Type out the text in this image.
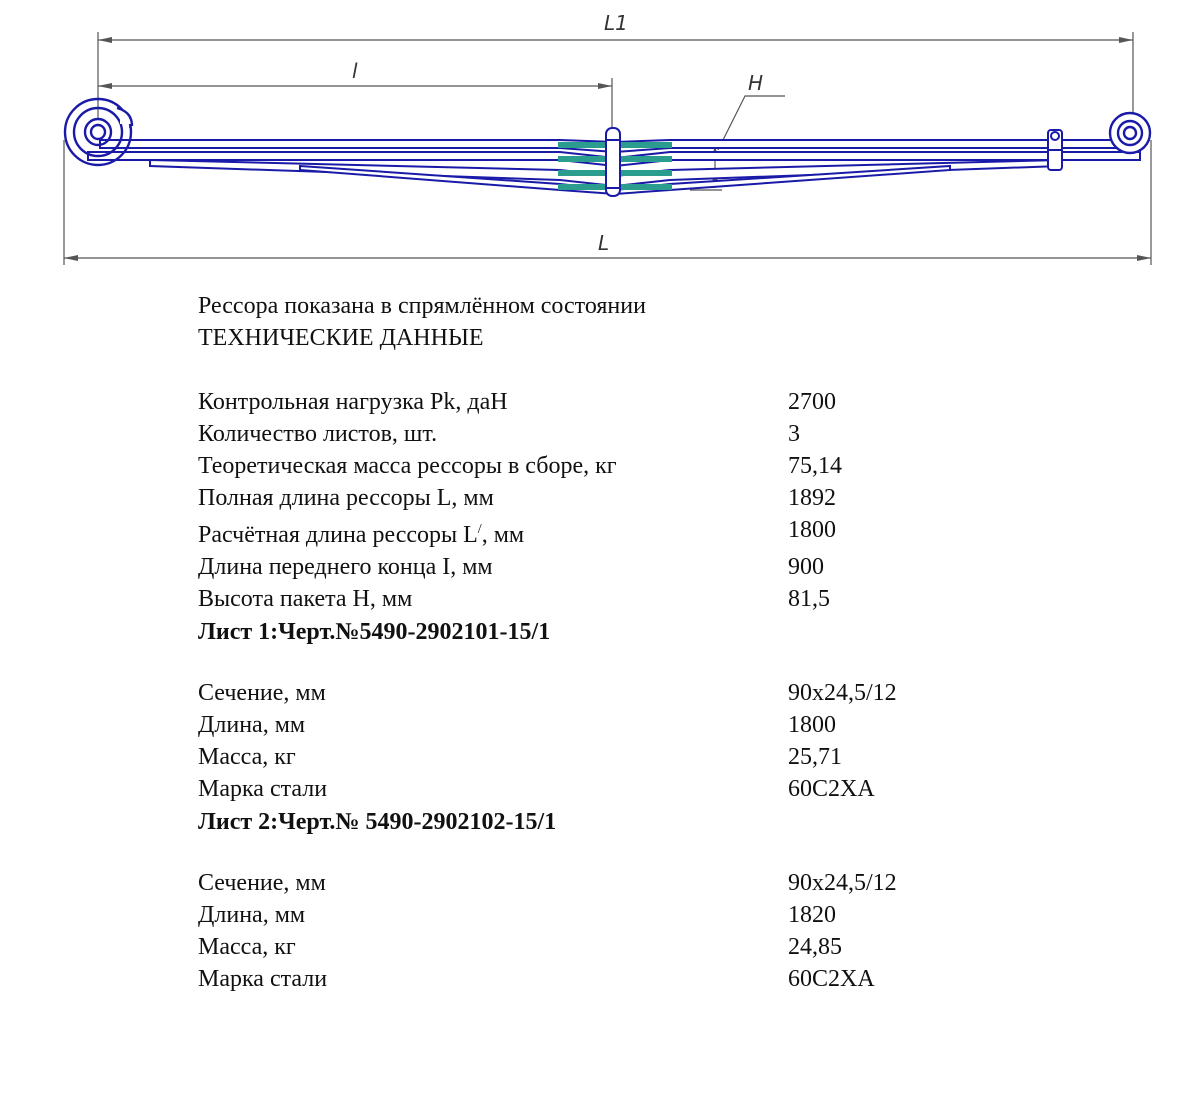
L1
l	H
L

Рессора показана в спрямлённом состоянии

ТЕХНИЧЕСКИЕ ДАННЫЕ

Контрольная нагрузка Pk, даН	2700
Количество листов, шт.	3
Теоретическая масса рессоры в сборе, кг	75,14
Полная длина рессоры L, мм	1892
Расчётная длина рессоры L/, мм	1800
Длина переднего конца I, мм	900
Высота пакета H, мм	81,5

Лист 1:Черт.№5490-2902101-15/1

Сечение, мм	90х24,5/12
Длина, мм	1800
Масса, кг	25,71
Марка стали	60С2ХА

Лист 2:Черт.№ 5490-2902102-15/1

Сечение, мм	90х24,5/12
Длина, мм	1820
Масса, кг	24,85
Марка стали	60С2ХА
